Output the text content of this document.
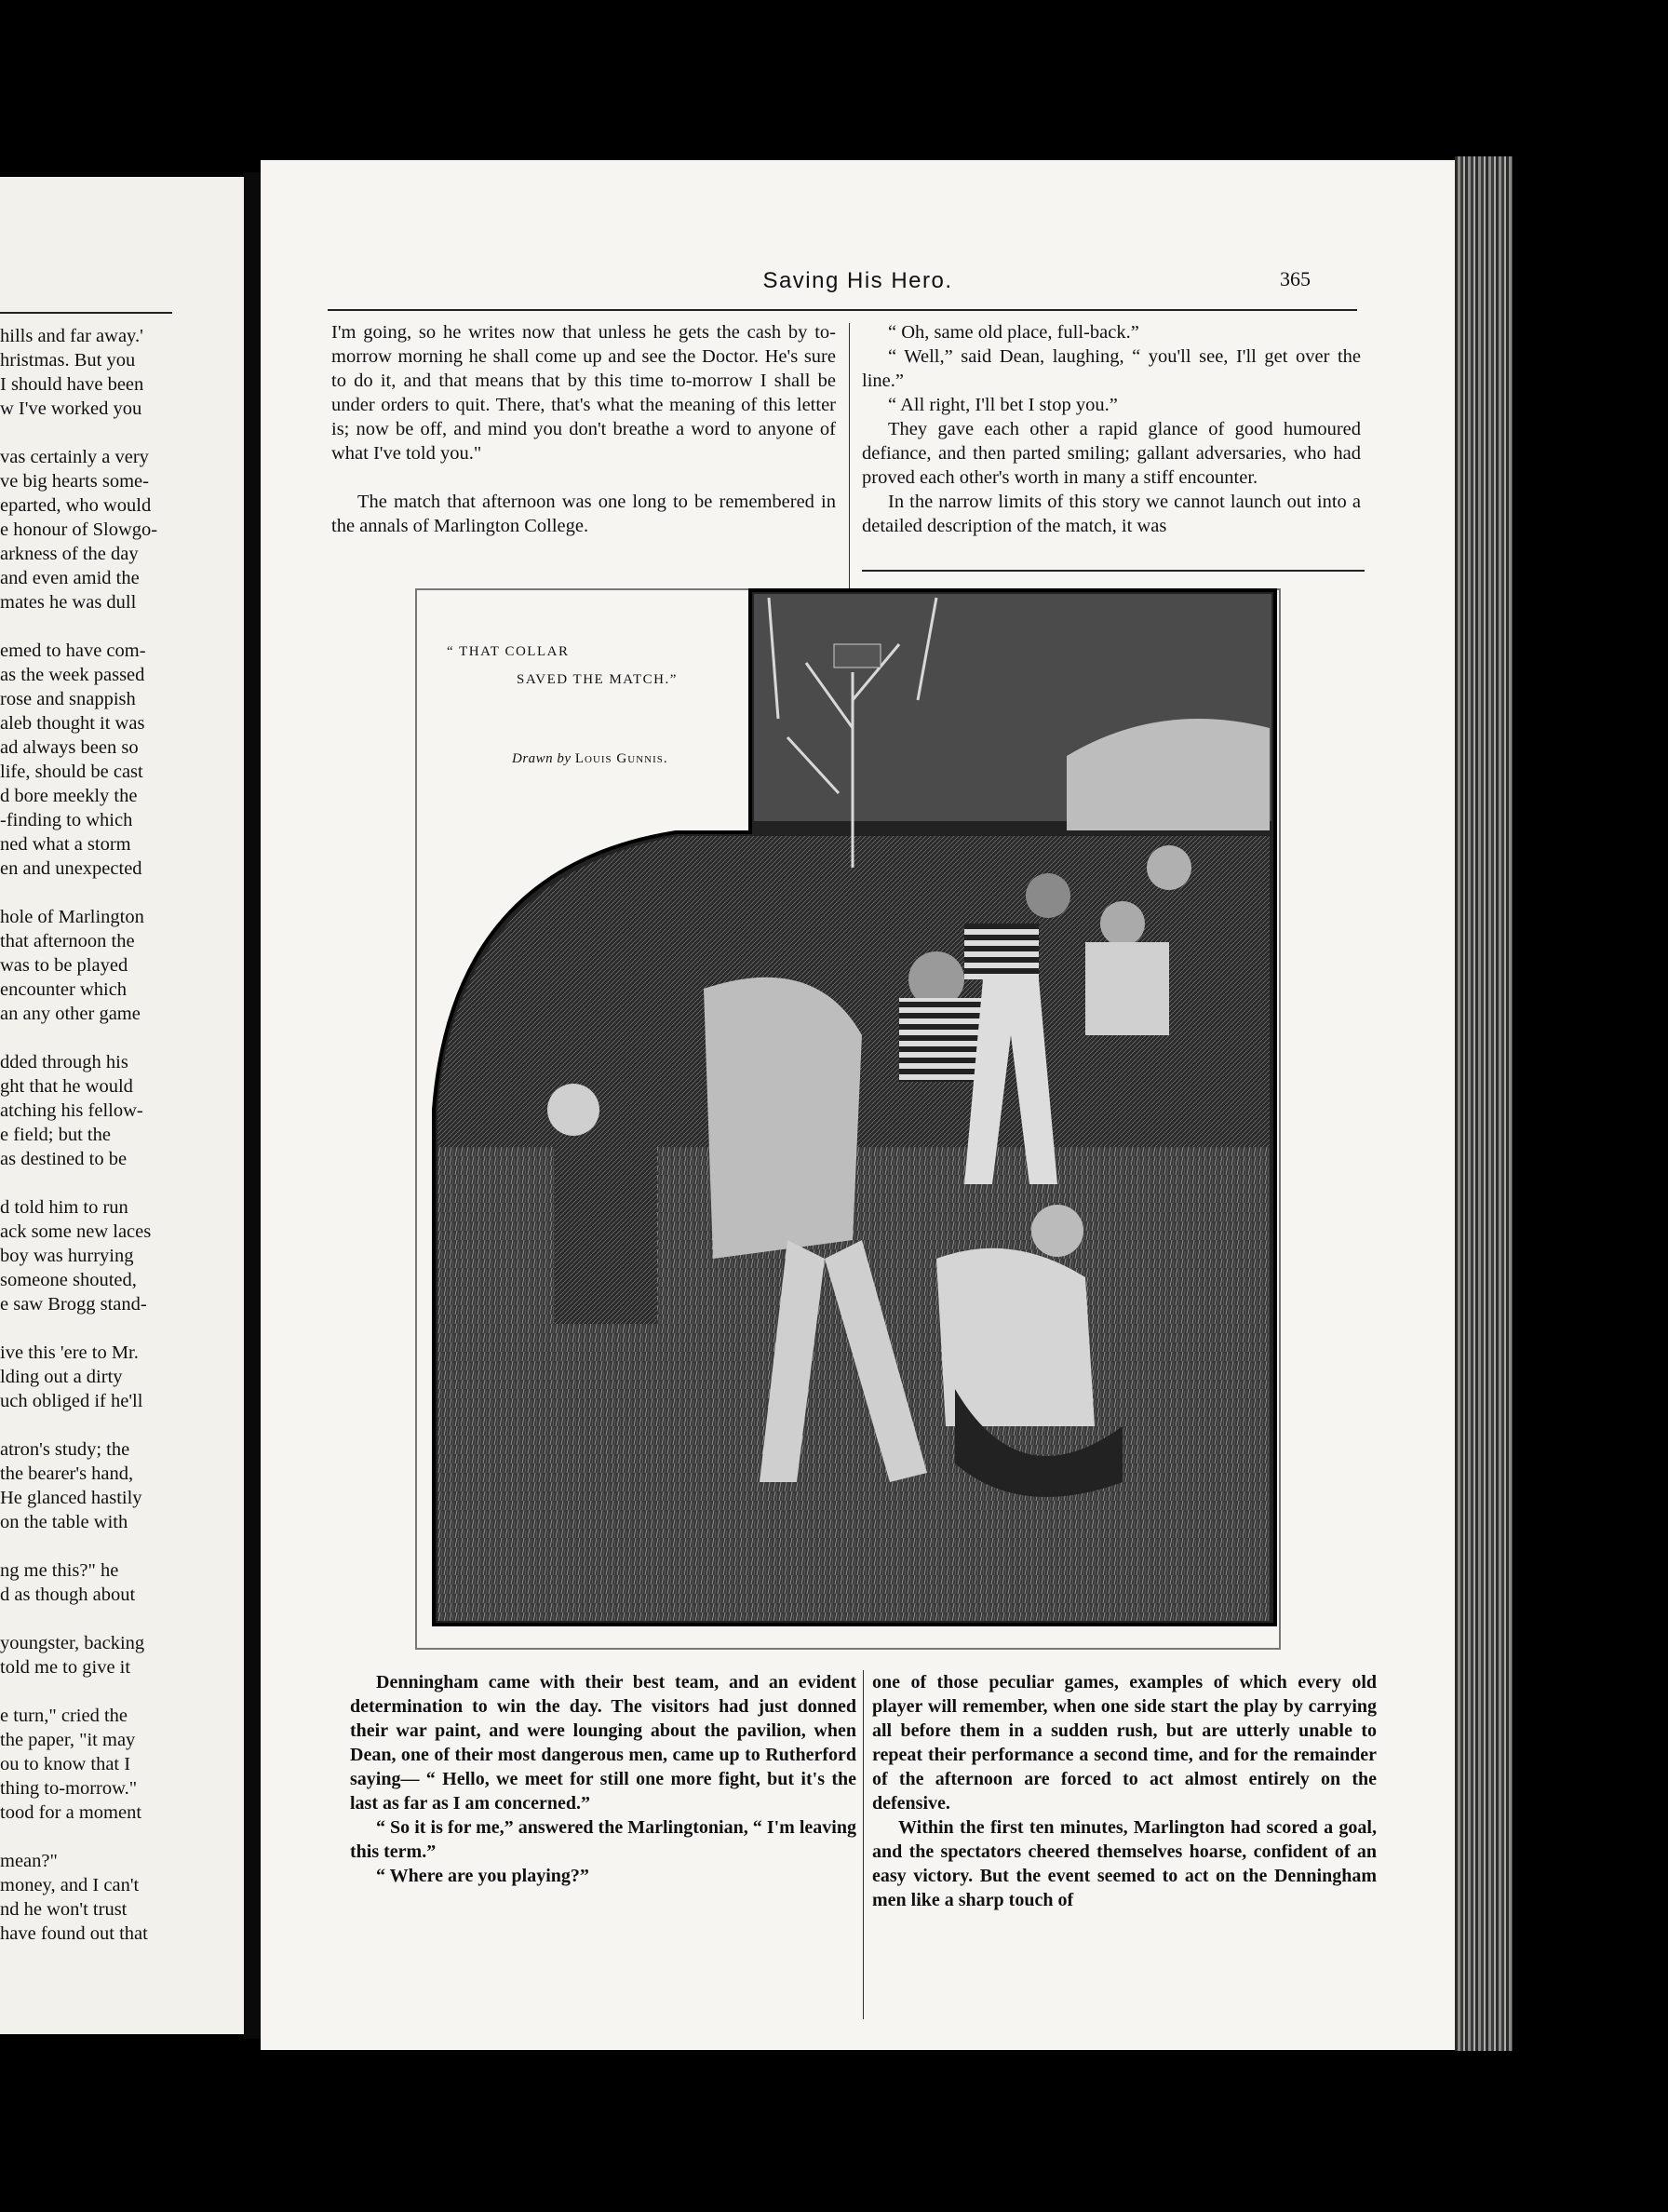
hills and far away.'

hristmas. But you

I should have been

w I've worked you

vas certainly a very

ve big hearts some-

eparted, who would

e honour of Slowgo-

arkness of the day

and even amid the

mates he was dull

emed to have com-

as the week passed

rose and snappish

aleb thought it was

ad always been so

life, should be cast

d bore meekly the

-finding to which

ned what a storm

en and unexpected

hole of Marlington

that afternoon the

was to be played

encounter which

an any other game

dded through his

ght that he would

atching his fellow-

e field; but the

as destined to be

d told him to run

ack some new laces

boy was hurrying

someone shouted,

e saw Brogg stand-

ive this 'ere to Mr.

lding out a dirty

uch obliged if he'll

atron's study; the

the bearer's hand,

He glanced hastily

on the table with

ng me this?" he

d as though about

youngster, backing

told me to give it

e turn," cried the

the paper, "it may

ou to know that I

thing to-morrow."

tood for a moment

mean?"

money, and I can't

nd he won't trust

have found out that

Saving His Hero.	365

I'm going, so he writes now that unless he gets the cash by to-morrow morning he shall come up and see the Doctor. He's sure to do it, and that means that by this time to-morrow I shall be under orders to quit. There, that's what the meaning of this letter is; now be off, and mind you don't breathe a word to anyone of what I've told you."

The match that afternoon was one long to be remembered in the annals of Marlington College.

“ Oh, same old place, full-back.”

“ Well,” said Dean, laughing, “ you'll see, I'll get over the line.”

“ All right, I'll bet I stop you.”

They gave each other a rapid glance of good humoured defiance, and then parted smiling; gallant adversaries, who had proved each other's worth in many a stiff encounter.

In the narrow limits of this story we cannot launch out into a detailed description of the match, it was

“ THAT COLLAR
SAVED THE MATCH.”
Drawn by Louis Gunnis.

Denningham came with their best team, and an evident determination to win the day. The visitors had just donned their war paint, and were lounging about the pavilion, when Dean, one of their most dangerous men, came up to Rutherford saying— “ Hello, we meet for still one more fight, but it's the last as far as I am concerned.”

“ So it is for me,” answered the Marlingtonian, “ I'm leaving this term.”

“ Where are you playing?”

one of those peculiar games, examples of which every old player will remember, when one side start the play by carrying all before them in a sudden rush, but are utterly unable to repeat their performance a second time, and for the remainder of the afternoon are forced to act almost entirely on the defensive.

Within the first ten minutes, Marlington had scored a goal, and the spectators cheered themselves hoarse, confident of an easy victory. But the event seemed to act on the Denningham men like a sharp touch of
